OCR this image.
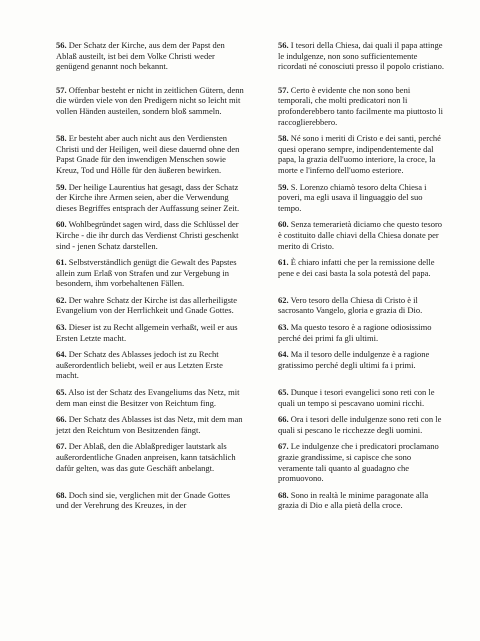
56. Der Schatz der Kirche, aus dem der Papst den Ablaß austeilt, ist bei dem Volke Christi weder genügend genannt noch bekannt.
56. I tesori della Chiesa, dai quali il papa attinge le indulgenze, non sono sufficientemente ricordati né conosciuti presso il popolo cristiano.
57. Offenbar besteht er nicht in zeitlichen Gütern, denn die würden viele von den Predigern nicht so leicht mit vollen Händen austeilen, sondern bloß sammeln.
57. Certo è evidente che non sono beni temporali, che molti predicatori non li profonderebbero tanto facilmente ma piuttosto li raccoglierebbero.
58. Er besteht aber auch nicht aus den Verdiensten Christi und der Heiligen, weil diese dauernd ohne den Papst Gnade für den inwendigen Menschen sowie Kreuz, Tod und Hölle für den äußeren bewirken.
58. Né sono i meriti di Cristo e dei santi, perché quesi operano sempre, indipendentemente dal papa, la grazia dell'uomo interiore, la croce, la morte e l'inferno dell'uomo esteriore.
59. Der heilige Laurentius hat gesagt, dass der Schatz der Kirche ihre Armen seien, aber die Verwendung dieses Begriffes entsprach der Auffassung seiner Zeit.
59. S. Lorenzo chiamò tesoro delta Chiesa i poveri, ma egli usava il linguaggio del suo tempo.
60. Wohlbegründet sagen wird, dass die Schlüssel der Kirche - die ihr durch das Verdienst Christi geschenkt sind - jenen Schatz darstellen.
60. Senza temerarietà diciamo che questo tesoro è costituito dalle chiavi della Chiesa donate per merito di Cristo.
61. Selbstverständlich genügt die Gewalt des Papstes allein zum Erlaß von Strafen und zur Vergebung in besondern, ihm vorbehaltenen Fällen.
61. È chiaro infatti che per la remissione delle pene e dei casi basta la sola potestà del papa.
62. Der wahre Schatz der Kirche ist das allerheiligste Evangelium von der Herrlichkeit und Gnade Gottes.
62. Vero tesoro della Chiesa di Cristo è il sacrosanto Vangelo, gloria e grazia di Dio.
63. Dieser ist zu Recht allgemein verhaßt, weil er aus Ersten Letzte macht.
63. Ma questo tesoro è a ragione odiosissimo perché dei primi fa gli ultimi.
64. Der Schatz des Ablasses jedoch ist zu Recht außerordentlich beliebt, weil er aus Letzten Erste macht.
64. Ma il tesoro delle indulgenze è a ragione gratissimo perché degli ultimi fa i primi.
65. Also ist der Schatz des Evangeliums das Netz, mit dem man einst die Besitzer von Reichtum fing.
65. Dunque i tesori evangelici sono reti con le quali un tempo si pescavano uomini ricchi.
66. Der Schatz des Ablasses ist das Netz, mit dem man jetzt den Reichtum von Besitzenden fängt.
66. Ora i tesori delle indulgenze sono reti con le quali si pescano le ricchezze degli uomini.
67. Der Ablaß, den die Ablaßprediger lautstark als außerordentliche Gnaden anpreisen, kann tatsächlich dafür gelten, was das gute Geschäft anbelangt.
67. Le indulgenze che i predicatori proclamano grazie grandissime, si capisce che sono veramente tali quanto al guadagno che promuovono.
68. Doch sind sie, verglichen mit der Gnade Gottes und der Verehrung des Kreuzes, in der
68. Sono in realtà le minime paragonate alla grazia di Dio e alla pietà della croce.
